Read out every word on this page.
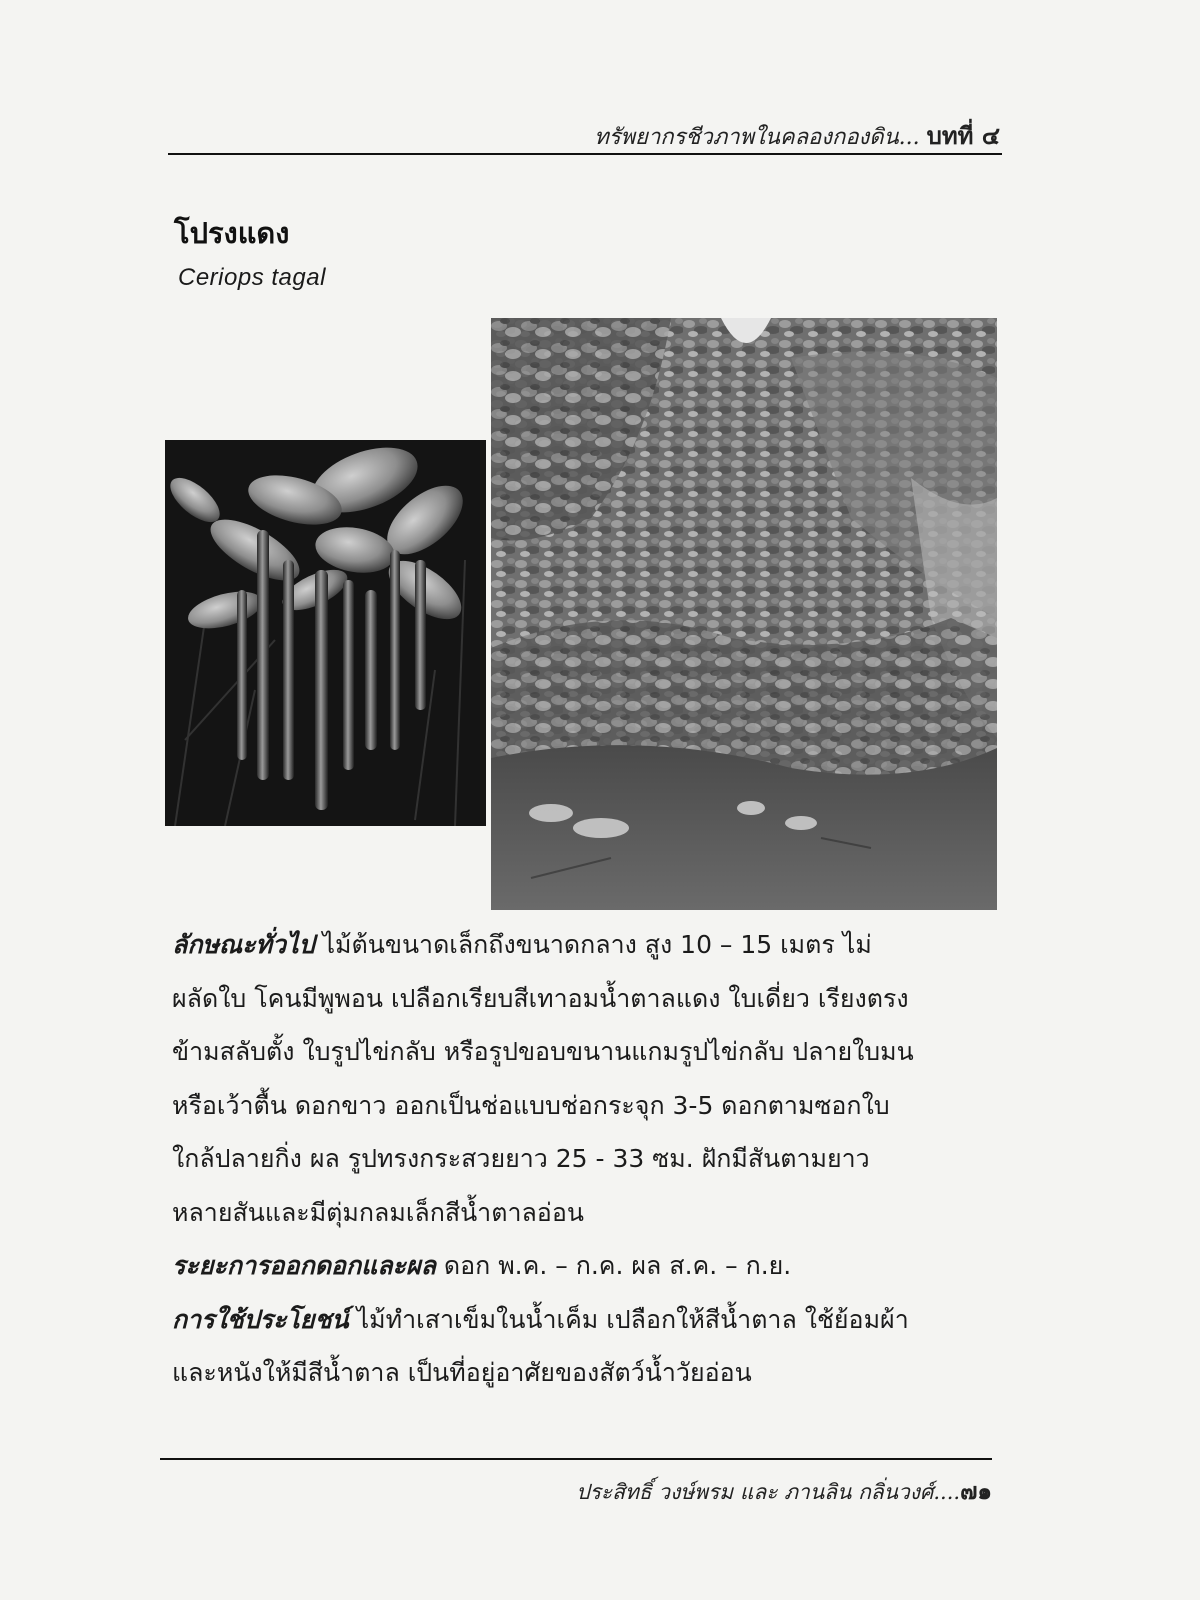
ทรัพยากรชีวภาพในคลองกองดิน... บทที่ ๔
โปรงแดง
Ceriops tagal

ลักษณะทั่วไป ไม้ต้นขนาดเล็กถึงขนาดกลาง สูง 10 – 15 เมตร ไม่

ผลัดใบ โคนมีพูพอน เปลือกเรียบสีเทาอมน้ำตาลแดง ใบเดี่ยว เรียงตรง

ข้ามสลับตั้ง ใบรูปไข่กลับ หรือรูปขอบขนานแกมรูปไข่กลับ ปลายใบมน

หรือเว้าตื้น ดอกขาว ออกเป็นช่อแบบช่อกระจุก 3-5 ดอกตามซอกใบ

ใกล้ปลายกิ่ง ผล รูปทรงกระสวยยาว 25 - 33 ซม. ฝักมีสันตามยาว

หลายสันและมีตุ่มกลมเล็กสีน้ำตาลอ่อน

ระยะการออกดอกและผล ดอก พ.ค. – ก.ค. ผล ส.ค. – ก.ย.

การใช้ประโยชน์ ไม้ทำเสาเข็มในน้ำเค็ม เปลือกให้สีน้ำตาล ใช้ย้อมผ้า

และหนังให้มีสีน้ำตาล เป็นที่อยู่อาศัยของสัตว์น้ำวัยอ่อน

ประสิทธิ์ วงษ์พรม และ ภานลิน กลิ่นวงศ์....๗๑
